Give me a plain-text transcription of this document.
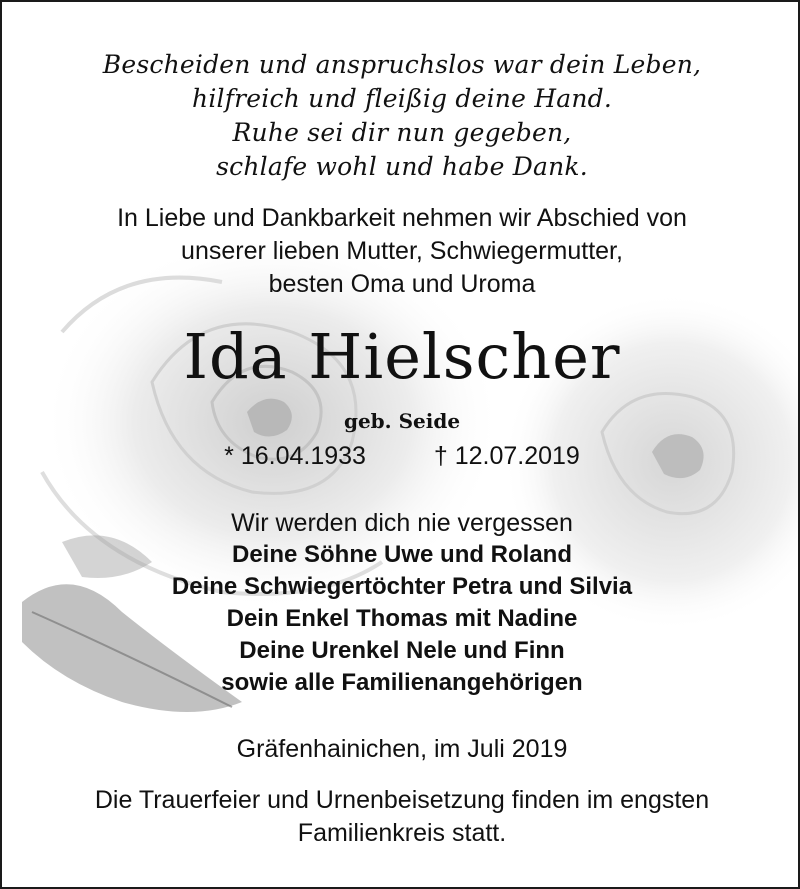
Bescheiden und anspruchslos war dein Leben,
hilfreich und fleißig deine Hand.
Ruhe sei dir nun gegeben,
schlafe wohl und habe Dank.
In Liebe und Dankbarkeit nehmen wir Abschied von
unserer lieben Mutter, Schwiegermutter,
besten Oma und Uroma
Ida Hielscher
geb. Seide
* 16.04.1933	† 12.07.2019
Wir werden dich nie vergessen
Deine Söhne Uwe und Roland
Deine Schwiegertöchter Petra und Silvia
Dein Enkel Thomas mit Nadine
Deine Urenkel Nele und Finn
sowie alle Familienangehörigen
Gräfenhainichen, im Juli 2019
Die Trauerfeier und Urnenbeisetzung finden im engsten
Familienkreis statt.
